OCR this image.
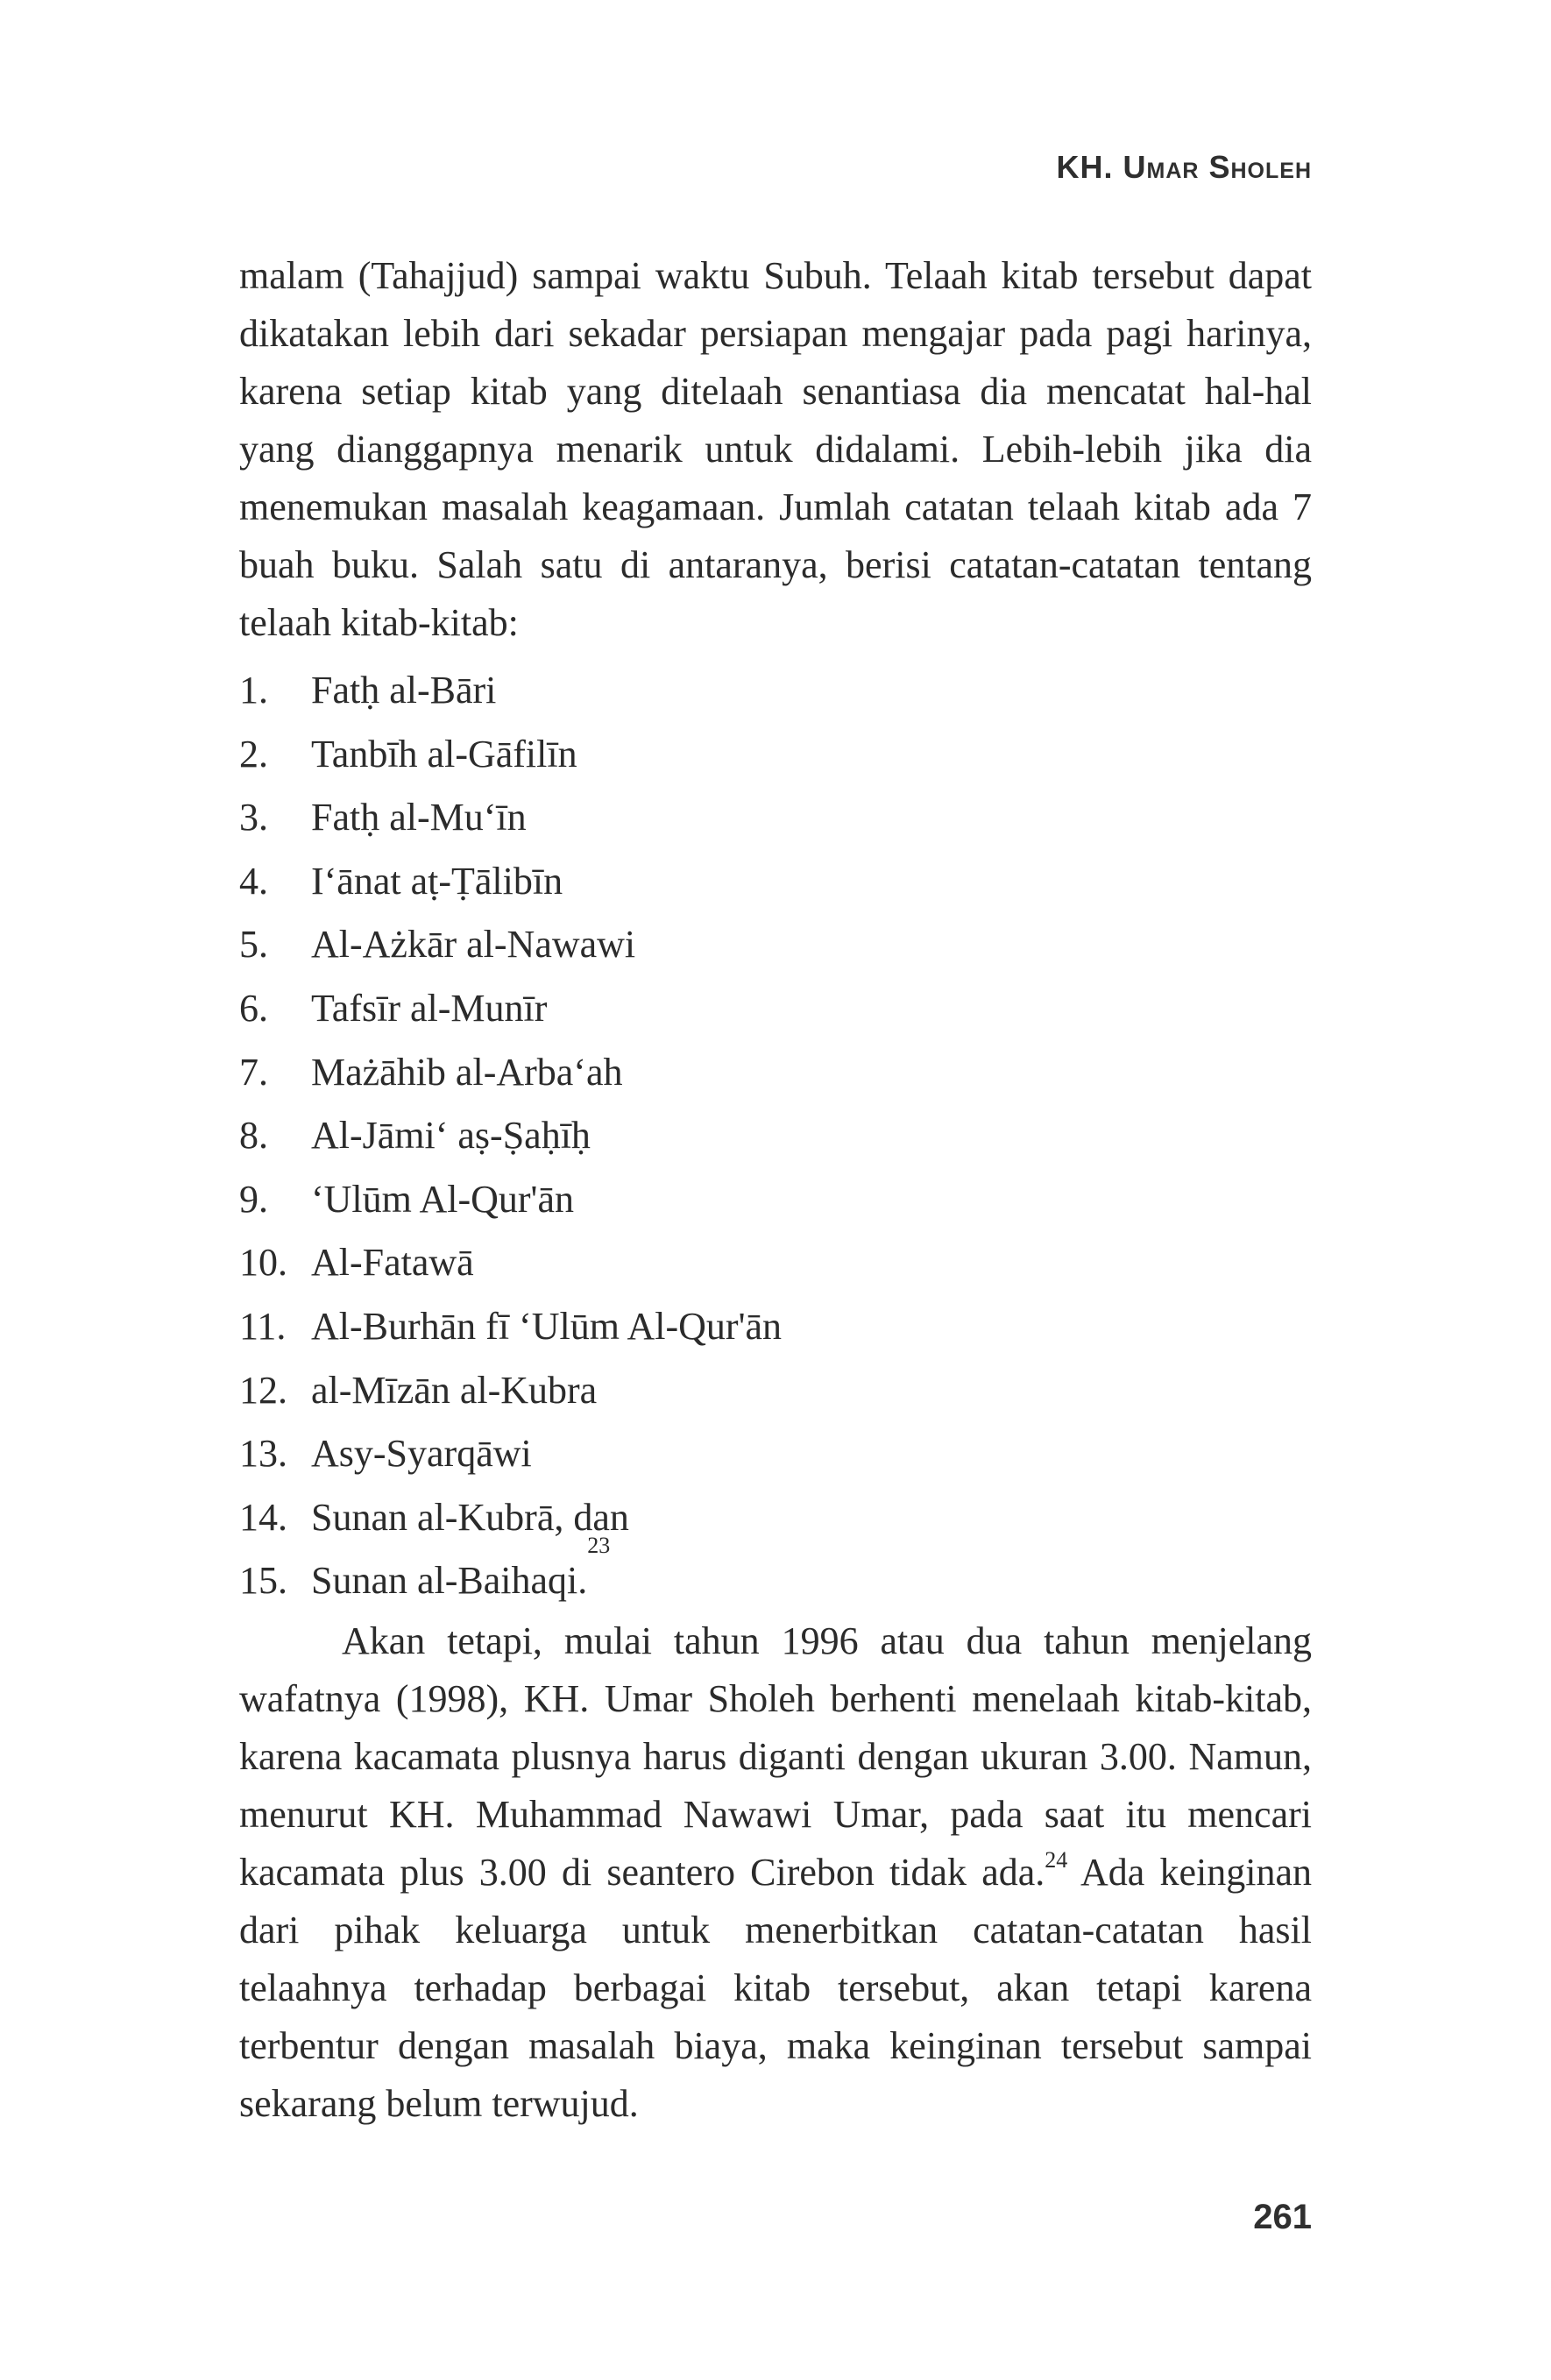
KH. Umar Sholeh

malam (Tahajjud) sampai waktu Subuh. Telaah kitab tersebut dapat dikatakan lebih dari sekadar persiapan mengajar pada pagi harinya, karena setiap kitab yang ditelaah senantiasa dia mencatat hal-hal yang dianggapnya menarik untuk didalami. Lebih-lebih jika dia menemukan masalah keagamaan. Jumlah catatan telaah kitab ada 7 buah buku. Salah satu di antaranya, berisi catatan-catatan tentang telaah kitab-kitab:

1.	Fatḥ al-Bāri
2.	Tanbīh al-Gāfilīn
3.	Fatḥ al-Mu‘īn
4.	I‘ānat aṭ-Ṭālibīn
5.	Al-Ażkār al-Nawawi
6.	Tafsīr al-Munīr
7.	Mażāhib al-Arba‘ah
8.	Al-Jāmi‘ aṣ-Ṣaḥīḥ
9.	‘Ulūm Al-Qur'ān
10. Al-Fatawā
11. Al-Burhān fī ‘Ulūm Al-Qur'ān
12. al-Mīzān al-Kubra
13. Asy-Syarqāwi
14. Sunan al-Kubrā, dan
15. Sunan al-Baihaqi.
$^{23}$

Akan tetapi, mulai tahun 1996 atau dua tahun menjelang wafatnya (1998), KH. Umar Sholeh berhenti menelaah kitab-kitab, karena kacamata plusnya harus diganti dengan ukuran 3.00. Namun, menurut KH. Muhammad Nawawi Umar, pada saat itu mencari kacamata plus 3.00 di seantero Cirebon tidak ada.$^{24}$ Ada keinginan dari pihak keluarga untuk menerbitkan catatan-catatan hasil telaahnya terhadap berbagai kitab tersebut, akan tetapi karena terbentur dengan masalah biaya, maka keinginan tersebut sampai sekarang belum terwujud.

261
